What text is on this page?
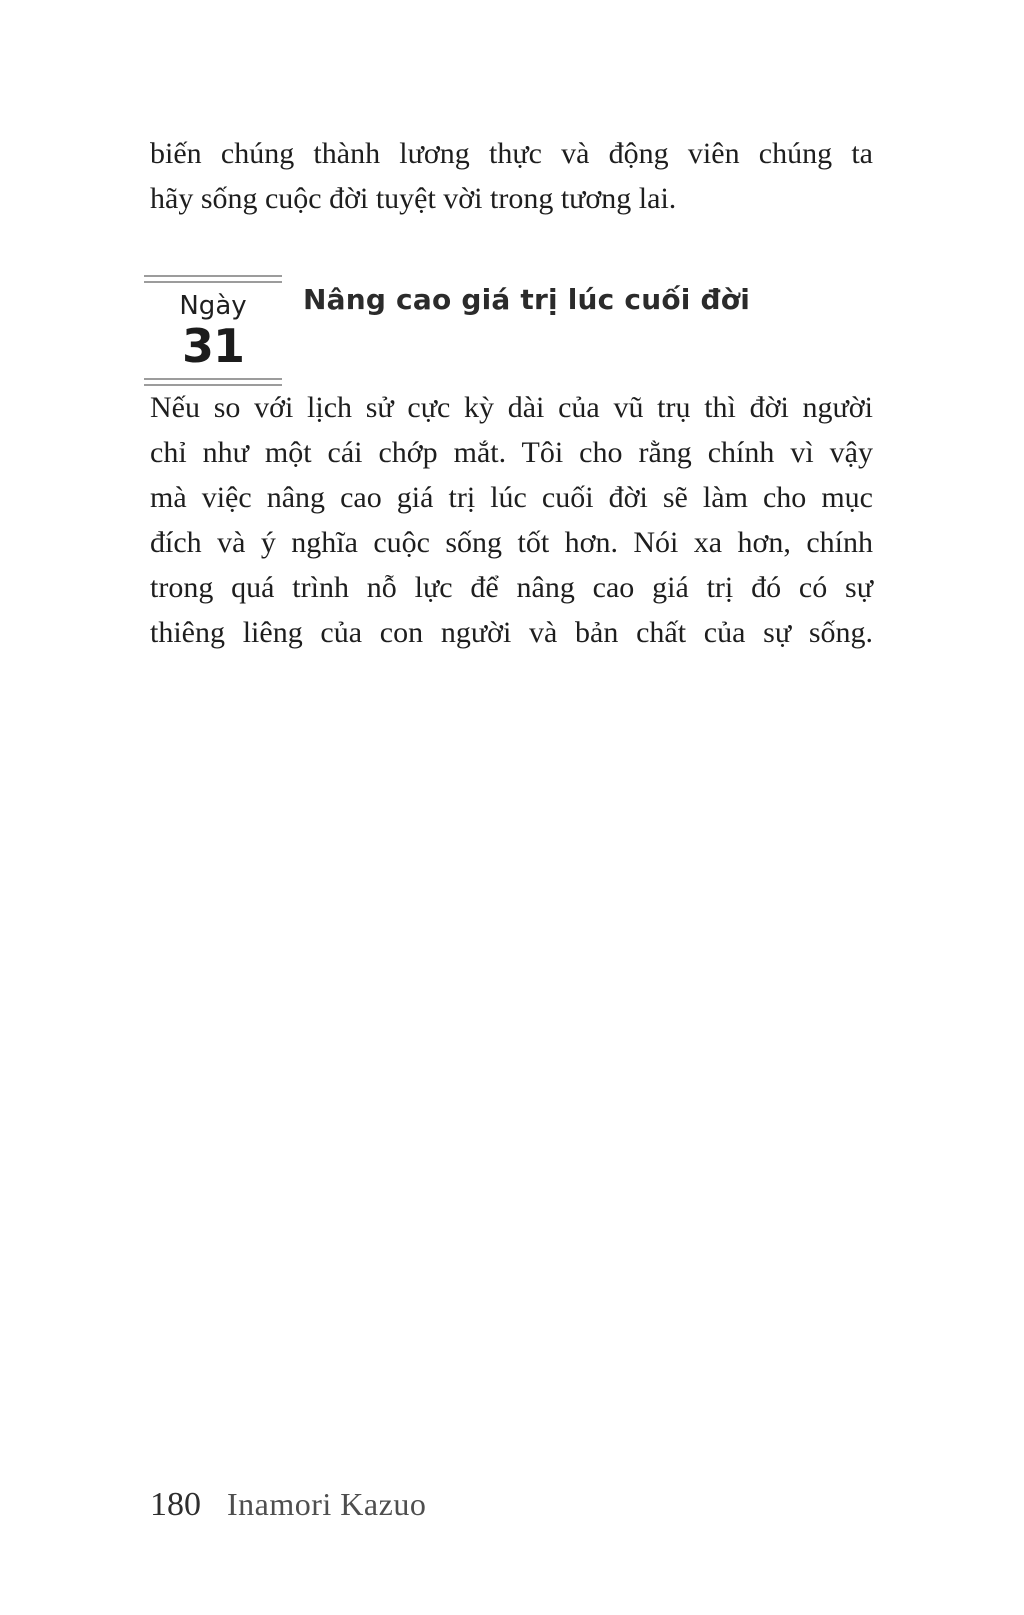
biến chúng thành lương thực và động viên chúng ta
hãy sống cuộc đời tuyệt vời trong tương lai.
Ngày
31
Nâng cao giá trị lúc cuối đời
Nếu so với lịch sử cực kỳ dài của vũ trụ thì đời người
chỉ như một cái chớp mắt. Tôi cho rằng chính vì vậy
mà việc nâng cao giá trị lúc cuối đời sẽ làm cho mục
đích và ý nghĩa cuộc sống tốt hơn. Nói xa hơn, chính
trong quá trình nỗ lực để nâng cao giá trị đó có sự
thiêng liêng của con người và bản chất của sự sống.
180 Inamori Kazuo
